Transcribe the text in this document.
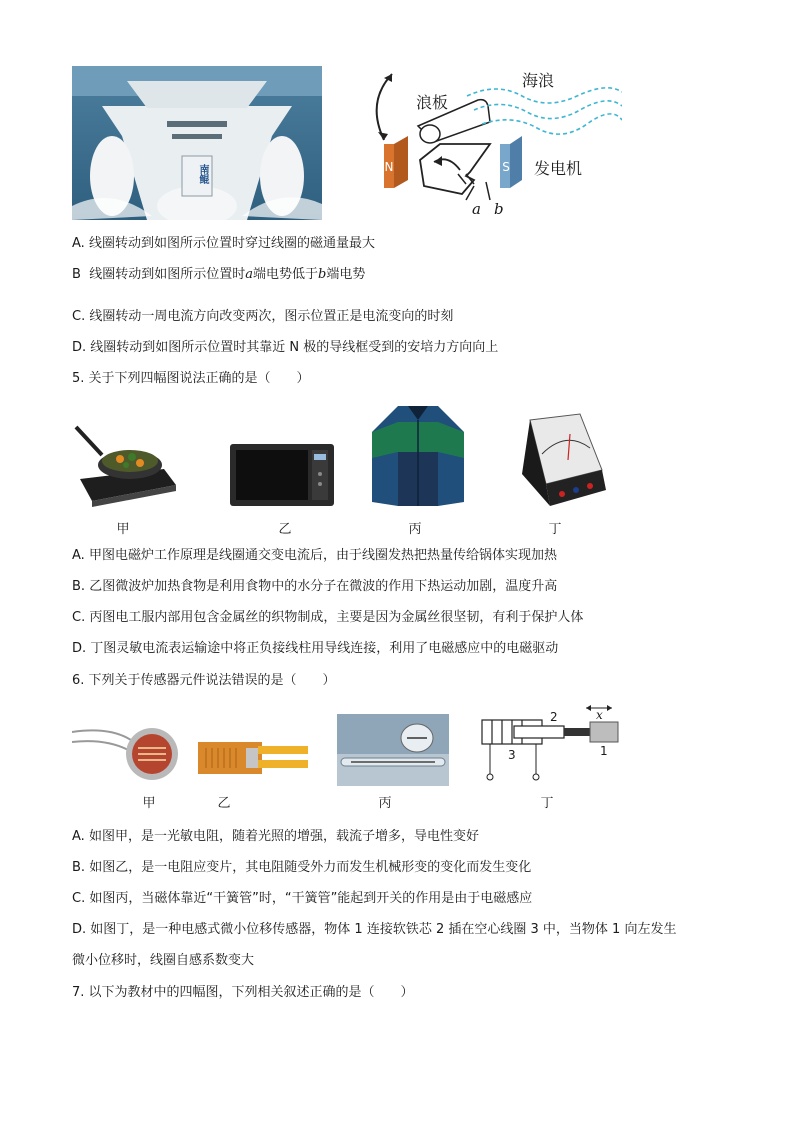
南鲲
浪板
海浪
发电机
N	S
a b
A. 线圈转动到如图所示位置时穿过线圈的磁通量最大
B 线圈转动到如图所示位置时a端电势低于b端电势
C. 线圈转动一周电流方向改变两次，图示位置正是电流变向的时刻
D. 线圈转动到如图所示位置时其靠近 N 极的导线框受到的安培力方向向上
5. 关于下列四幅图说法正确的是（　　）
甲	乙	丙	丁
A. 甲图电磁炉工作原理是线圈通交变电流后，由于线圈发热把热量传给锅体实现加热
B. 乙图微波炉加热食物是利用食物中的水分子在微波的作用下热运动加剧，温度升高
C. 丙图电工服内部用包含金属丝的织物制成，主要是因为金属丝很坚韧，有利于保护人体
D. 丁图灵敏电流表运输途中将正负接线柱用导线连接，利用了电磁感应中的电磁驱动
6. 下列关于传感器元件说法错误的是（　　）
x
2
1
3
甲	乙	丙	丁
A. 如图甲，是一光敏电阻，随着光照的增强，载流子增多，导电性变好
B. 如图乙，是一电阻应变片，其电阻随受外力而发生机械形变的变化而发生变化
C. 如图丙，当磁体靠近“干簧管”时，“干簧管”能起到开关的作用是由于电磁感应
D. 如图丁，是一种电感式微小位移传感器，物体 1 连接软铁芯 2 插在空心线圈 3 中，当物体 1 向左发生
微小位移时，线圈自感系数变大
7. 以下为教材中的四幅图，下列相关叙述正确的是（　　）
